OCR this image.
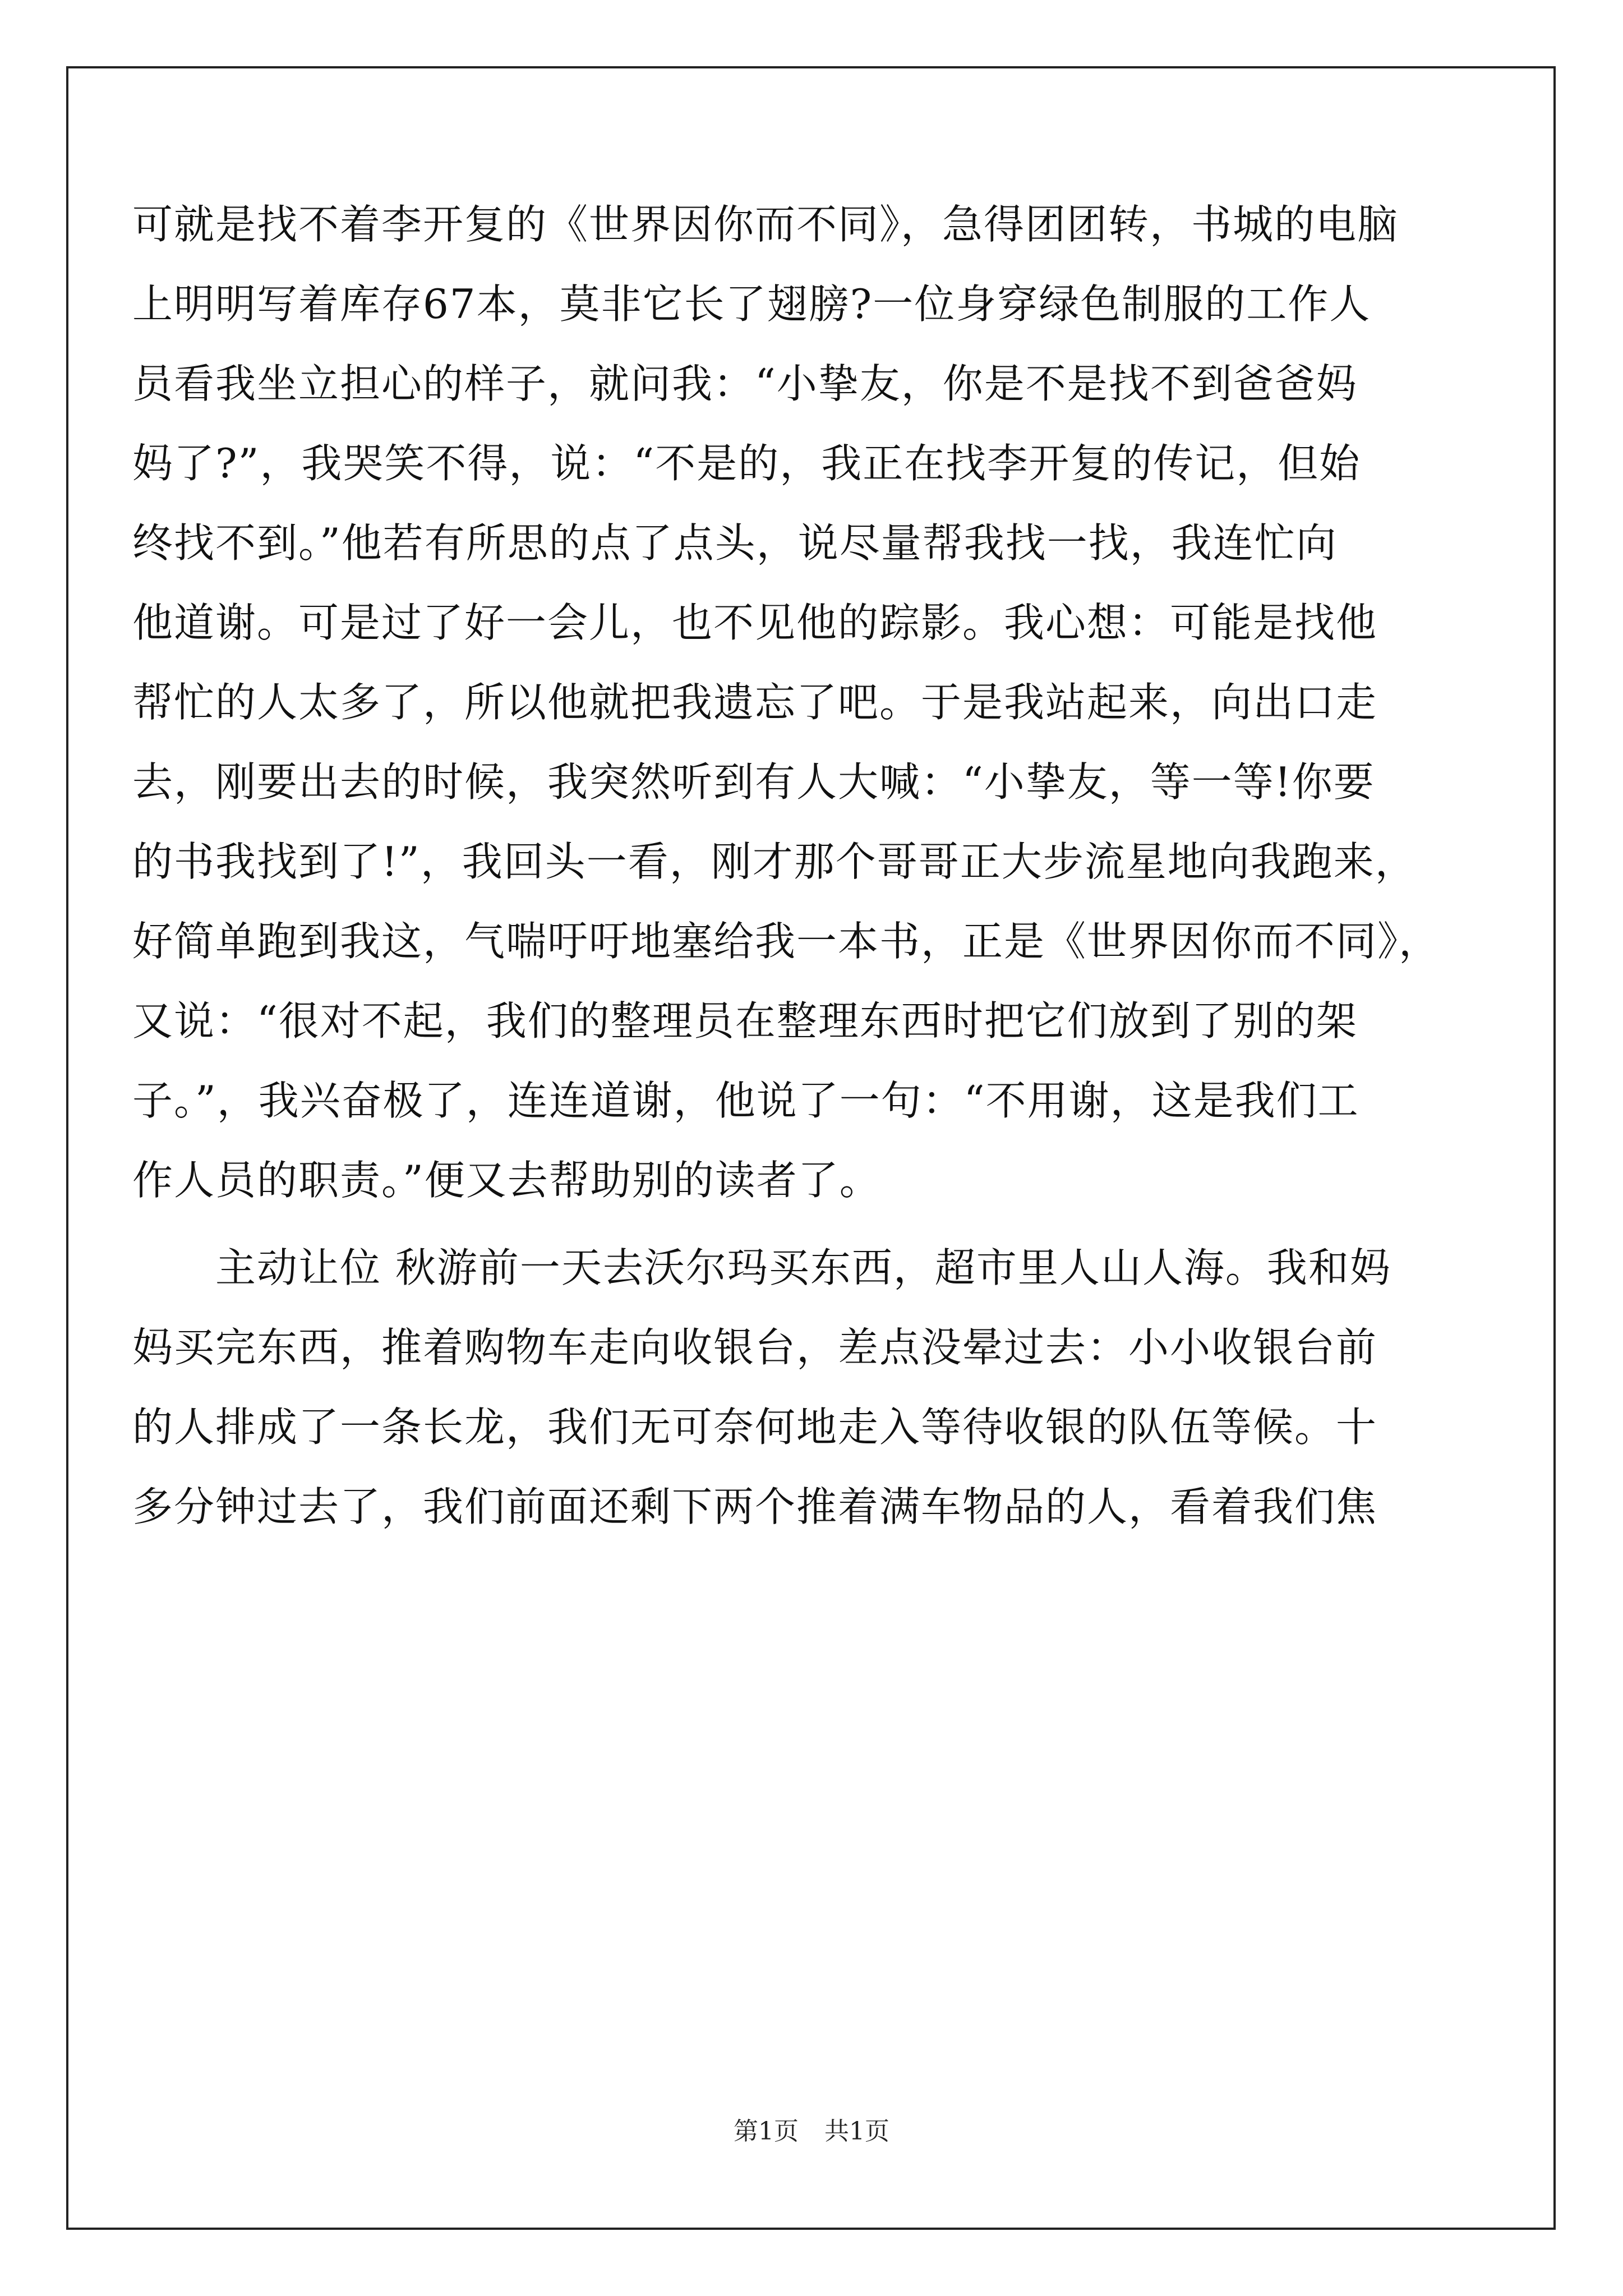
可就是找不着李开复的《世界因你而不同》，急得团团转，书城的电脑
上明明写着库存67本，莫非它长了翅膀?一位身穿绿色制服的工作人
员看我坐立担心的样子，就问我：“小挚友，你是不是找不到爸爸妈
妈了?”，我哭笑不得，说：“不是的，我正在找李开复的传记，但始
终找不到。”他若有所思的点了点头，说尽量帮我找一找，我连忙向
他道谢。可是过了好一会儿，也不见他的踪影。我心想：可能是找他
帮忙的人太多了，所以他就把我遗忘了吧。于是我站起来，向出口走
去，刚要出去的时候，我突然听到有人大喊：“小挚友，等一等!你要
的书我找到了!”，我回头一看，刚才那个哥哥正大步流星地向我跑来，
好简单跑到我这，气喘吁吁地塞给我一本书，正是《世界因你而不同》，
又说：“很对不起，我们的整理员在整理东西时把它们放到了别的架
子。”，我兴奋极了，连连道谢，他说了一句：“不用谢，这是我们工
作人员的职责。”便又去帮助别的读者了。
主动让位 秋游前一天去沃尔玛买东西，超市里人山人海。我和妈
妈买完东西，推着购物车走向收银台，差点没晕过去：小小收银台前
的人排成了一条长龙，我们无可奈何地走入等待收银的队伍等候。十
多分钟过去了，我们前面还剩下两个推着满车物品的人，看着我们焦
第1页 共1页
